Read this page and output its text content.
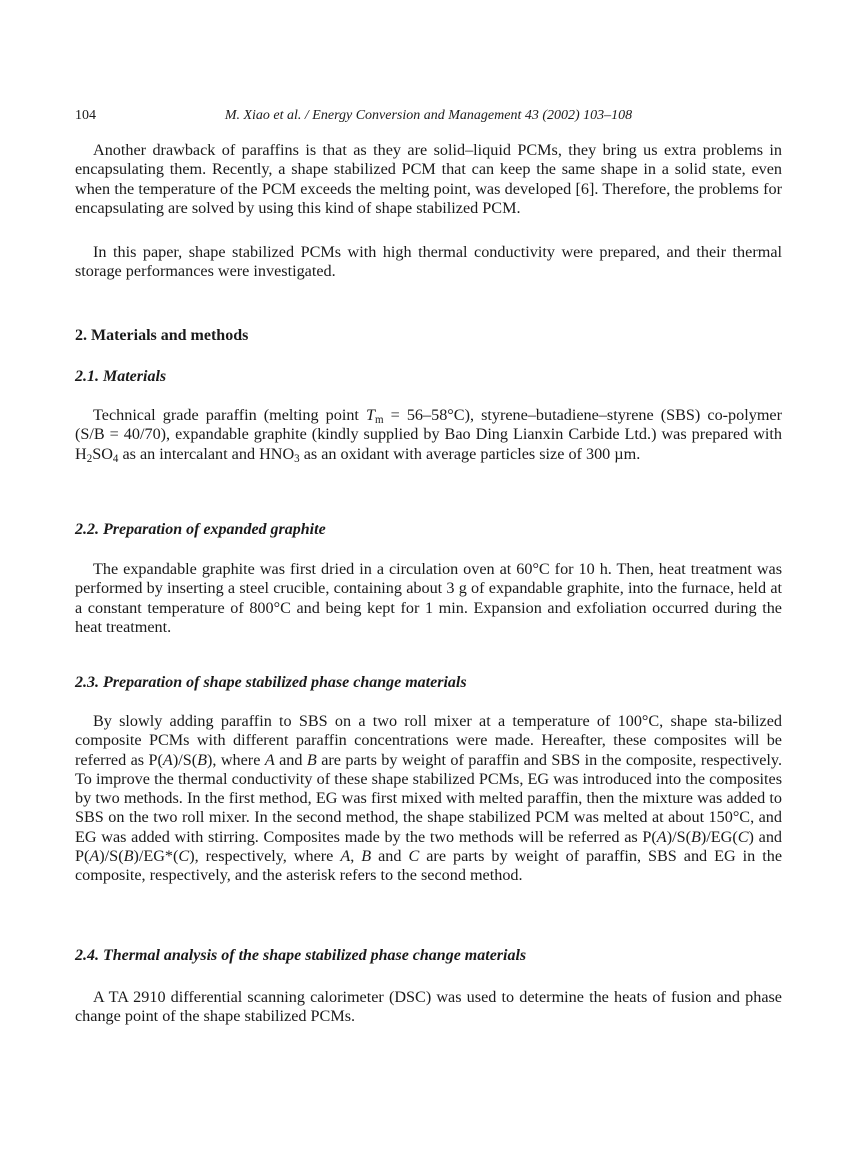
104	M. Xiao et al. / Energy Conversion and Management 43 (2002) 103–108

Another drawback of paraffins is that as they are solid–liquid PCMs, they bring us extra problems in encapsulating them. Recently, a shape stabilized PCM that can keep the same shape in a solid state, even when the temperature of the PCM exceeds the melting point, was developed [6]. Therefore, the problems for encapsulating are solved by using this kind of shape stabilized PCM.

In this paper, shape stabilized PCMs with high thermal conductivity were prepared, and their thermal storage performances were investigated.

2. Materials and methods
2.1. Materials

Technical grade paraffin (melting point $T_m = 56-58^\circ C$), styrene–butadiene–styrene (SBS) co-polymer (S/B = 40/70), expandable graphite (kindly supplied by Bao Ding Lianxin Carbide Ltd.) was prepared with $H_2SO_4$ as an intercalant and $HNO_3$ as an oxidant with average particles size of 300 µm.

2.2. Preparation of expanded graphite

The expandable graphite was first dried in a circulation oven at 60°C for 10 h. Then, heat treatment was performed by inserting a steel crucible, containing about 3 g of expandable graphite, into the furnace, held at a constant temperature of 800°C and being kept for 1 min. Expansion and exfoliation occurred during the heat treatment.

2.3. Preparation of shape stabilized phase change materials

By slowly adding paraffin to SBS on a two roll mixer at a temperature of 100°C, shape sta-bilized composite PCMs with different paraffin concentrations were made. Hereafter, these composites will be referred as P(A)/S(B), where A and B are parts by weight of paraffin and SBS in the composite, respectively. To improve the thermal conductivity of these shape stabilized PCMs, EG was introduced into the composites by two methods. In the first method, EG was first mixed with melted paraffin, then the mixture was added to SBS on the two roll mixer. In the second method, the shape stabilized PCM was melted at about 150°C, and EG was added with stirring. Composites made by the two methods will be referred as P(A)/S(B)/EG(C) and P(A)/S(B)/EG*(C), respectively, where A, B and C are parts by weight of paraffin, SBS and EG in the composite, respectively, and the asterisk refers to the second method.

2.4. Thermal analysis of the shape stabilized phase change materials

A TA 2910 differential scanning calorimeter (DSC) was used to determine the heats of fusion and phase change point of the shape stabilized PCMs.
